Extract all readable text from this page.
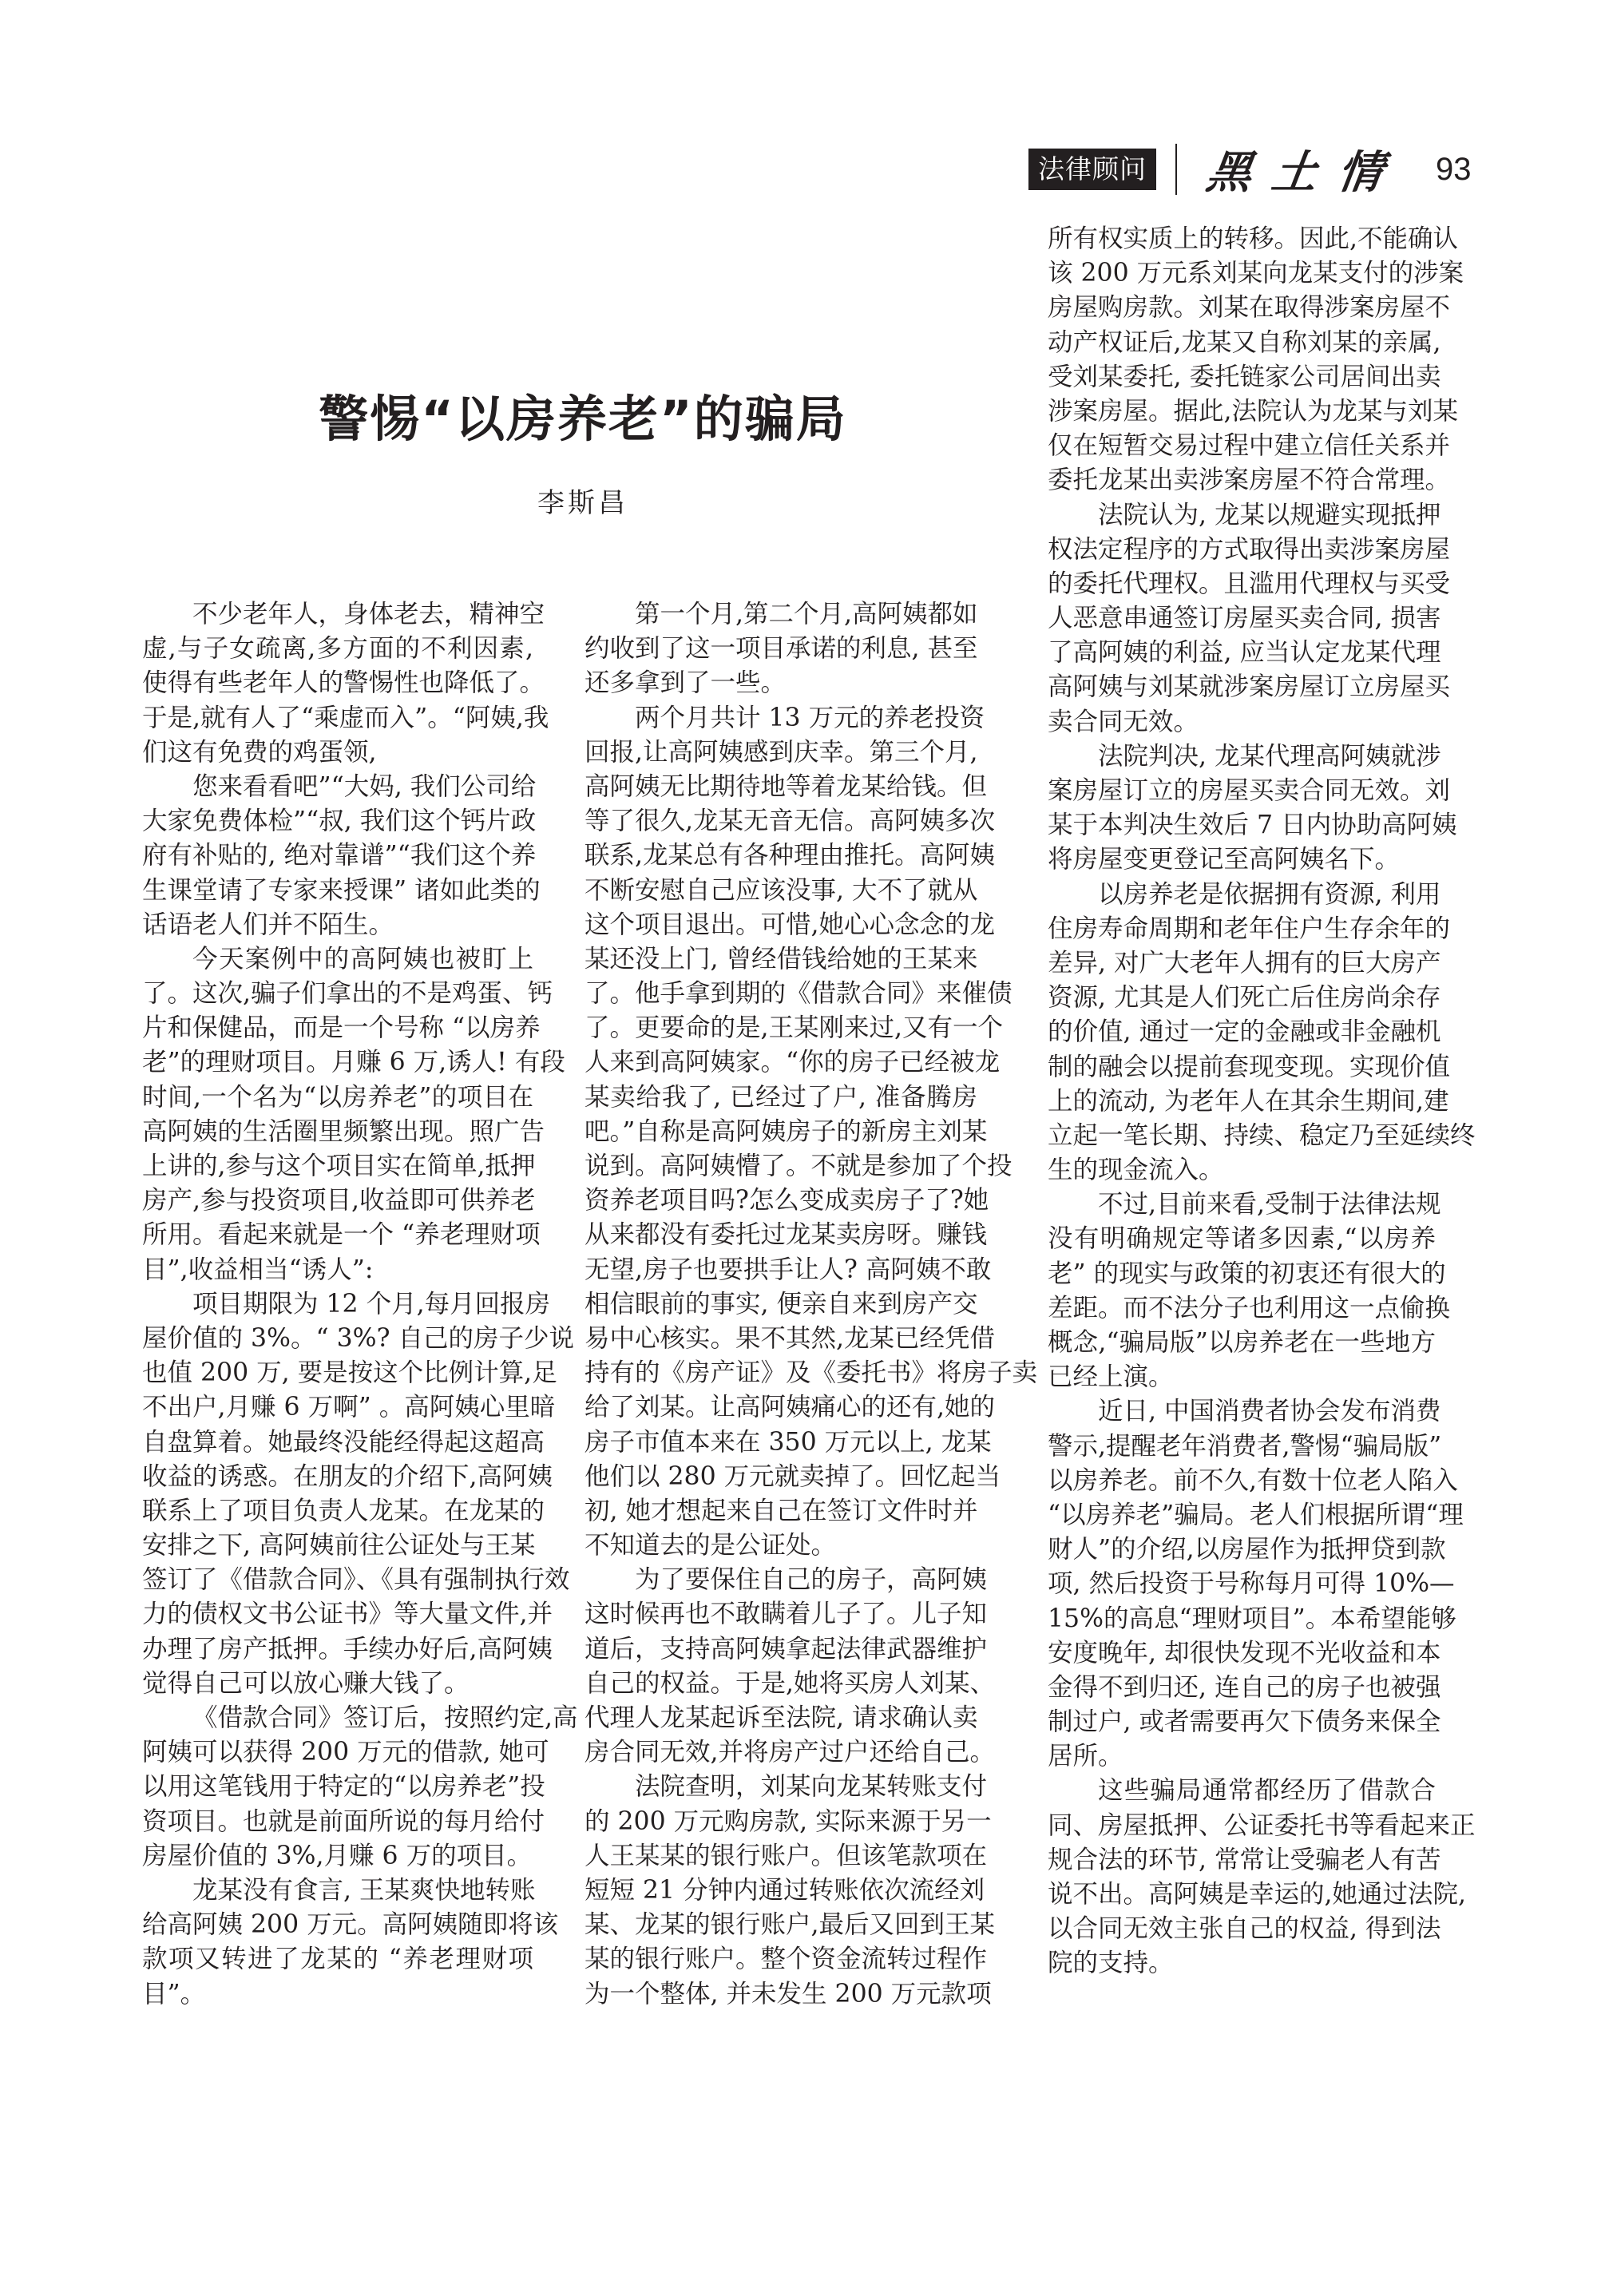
法律顾问 黑土情 93
警惕“以房养老”的骗局
李斯昌
不少老年人，身体老去，精神空
虚,与子女疏离,多方面的不利因素,
使得有些老年人的警惕性也降低了。
于是,就有人了“乘虚而入”。“阿姨,我
们这有免费的鸡蛋领,
您来看看吧”“大妈, 我们公司给
大家免费体检”“叔, 我们这个钙片政
府有补贴的, 绝对靠谱”“我们这个养
生课堂请了专家来授课” 诸如此类的
话语老人们并不陌生。
今天案例中的高阿姨也被盯上
了。这次,骗子们拿出的不是鸡蛋、钙
片和保健品，而是一个号称 “以房养
老”的理财项目。月赚 6 万,诱人! 有段
时间,一个名为“以房养老”的项目在
高阿姨的生活圈里频繁出现。照广告
上讲的,参与这个项目实在简单,抵押
房产,参与投资项目,收益即可供养老
所用。看起来就是一个 “养老理财项
目”,收益相当“诱人”:
项目期限为 12 个月,每月回报房
屋价值的 3%。“ 3%? 自己的房子少说
也值 200 万, 要是按这个比例计算,足
不出户,月赚 6 万啊” 。高阿姨心里暗
自盘算着。她最终没能经得起这超高
收益的诱惑。在朋友的介绍下,高阿姨
联系上了项目负责人龙某。在龙某的
安排之下, 高阿姨前往公证处与王某
签订了《借款合同》、《具有强制执行效
力的债权文书公证书》等大量文件,并
办理了房产抵押。手续办好后,高阿姨
觉得自己可以放心赚大钱了。
《借款合同》签订后，按照约定,高
阿姨可以获得 200 万元的借款, 她可
以用这笔钱用于特定的“以房养老”投
资项目。也就是前面所说的每月给付
房屋价值的 3%,月赚 6 万的项目。
龙某没有食言, 王某爽快地转账
给高阿姨 200 万元。高阿姨随即将该
款项又转进了龙某的 “养老理财项
目”。
第一个月,第二个月,高阿姨都如
约收到了这一项目承诺的利息, 甚至
还多拿到了一些。
两个月共计 13 万元的养老投资
回报,让高阿姨感到庆幸。第三个月,
高阿姨无比期待地等着龙某给钱。但
等了很久,龙某无音无信。高阿姨多次
联系,龙某总有各种理由推托。高阿姨
不断安慰自己应该没事, 大不了就从
这个项目退出。可惜,她心心念念的龙
某还没上门, 曾经借钱给她的王某来
了。他手拿到期的《借款合同》来催债
了。更要命的是,王某刚来过,又有一个
人来到高阿姨家。“你的房子已经被龙
某卖给我了, 已经过了户, 准备腾房
吧。”自称是高阿姨房子的新房主刘某
说到。高阿姨懵了。不就是参加了个投
资养老项目吗?怎么变成卖房子了?她
从来都没有委托过龙某卖房呀。赚钱
无望,房子也要拱手让人? 高阿姨不敢
相信眼前的事实, 便亲自来到房产交
易中心核实。果不其然,龙某已经凭借
持有的《房产证》及《委托书》将房子卖
给了刘某。让高阿姨痛心的还有,她的
房子市值本来在 350 万元以上, 龙某
他们以 280 万元就卖掉了。回忆起当
初, 她才想起来自己在签订文件时并
不知道去的是公证处。
为了要保住自己的房子，高阿姨
这时候再也不敢瞒着儿子了。儿子知
道后，支持高阿姨拿起法律武器维护
自己的权益。于是,她将买房人刘某、
代理人龙某起诉至法院, 请求确认卖
房合同无效,并将房产过户还给自己。
法院查明，刘某向龙某转账支付
的 200 万元购房款, 实际来源于另一
人王某某的银行账户。但该笔款项在
短短 21 分钟内通过转账依次流经刘
某、龙某的银行账户,最后又回到王某
某的银行账户。整个资金流转过程作
为一个整体, 并未发生 200 万元款项
所有权实质上的转移。因此,不能确认
该 200 万元系刘某向龙某支付的涉案
房屋购房款。刘某在取得涉案房屋不
动产权证后,龙某又自称刘某的亲属,
受刘某委托, 委托链家公司居间出卖
涉案房屋。据此,法院认为龙某与刘某
仅在短暂交易过程中建立信任关系并
委托龙某出卖涉案房屋不符合常理。
法院认为, 龙某以规避实现抵押
权法定程序的方式取得出卖涉案房屋
的委托代理权。且滥用代理权与买受
人恶意串通签订房屋买卖合同, 损害
了高阿姨的利益, 应当认定龙某代理
高阿姨与刘某就涉案房屋订立房屋买
卖合同无效。
法院判决, 龙某代理高阿姨就涉
案房屋订立的房屋买卖合同无效。刘
某于本判决生效后 7 日内协助高阿姨
将房屋变更登记至高阿姨名下。
以房养老是依据拥有资源, 利用
住房寿命周期和老年住户生存余年的
差异, 对广大老年人拥有的巨大房产
资源, 尤其是人们死亡后住房尚余存
的价值, 通过一定的金融或非金融机
制的融会以提前套现变现。实现价值
上的流动, 为老年人在其余生期间,建
立起一笔长期、持续、稳定乃至延续终
生的现金流入。
不过,目前来看,受制于法律法规
没有明确规定等诸多因素,“以房养
老” 的现实与政策的初衷还有很大的
差距。而不法分子也利用这一点偷换
概念,“骗局版”以房养老在一些地方
已经上演。
近日, 中国消费者协会发布消费
警示,提醒老年消费者,警惕“骗局版”
以房养老。前不久,有数十位老人陷入
“以房养老”骗局。老人们根据所谓“理
财人”的介绍,以房屋作为抵押贷到款
项, 然后投资于号称每月可得 10%—
15%的高息“理财项目”。本希望能够
安度晚年, 却很快发现不光收益和本
金得不到归还, 连自己的房子也被强
制过户, 或者需要再欠下债务来保全
居所。
这些骗局通常都经历了借款合
同、房屋抵押、公证委托书等看起来正
规合法的环节, 常常让受骗老人有苦
说不出。高阿姨是幸运的,她通过法院,
以合同无效主张自己的权益, 得到法
院的支持。
